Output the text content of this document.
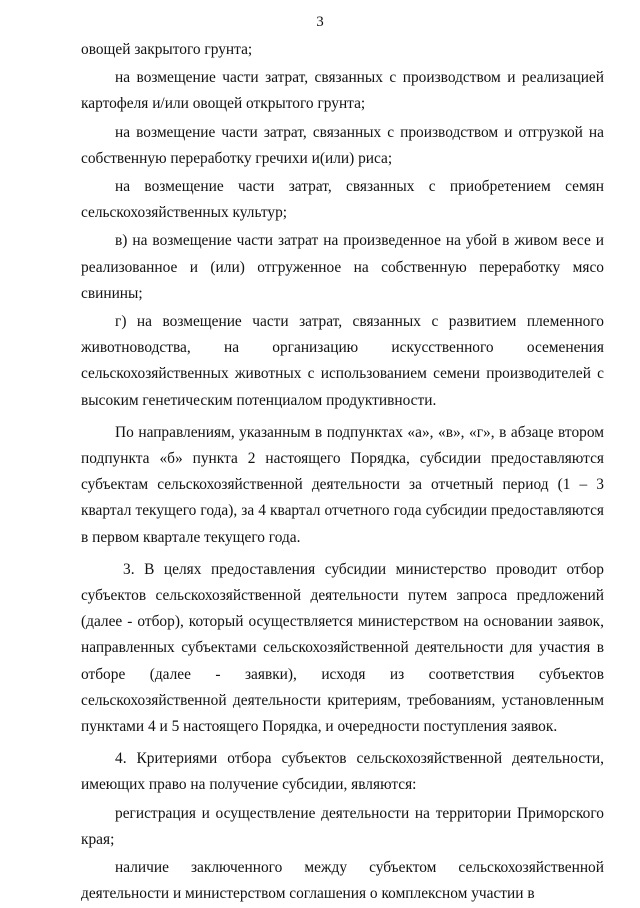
3

овощей закрытого грунта;

на возмещение части затрат, связанных с производством и реализацией картофеля и/или овощей открытого грунта;

на возмещение части затрат, связанных с производством и отгрузкой на собственную переработку гречихи и(или) риса;

на возмещение части затрат, связанных с приобретением семян сельскохозяйственных культур;

в) на возмещение части затрат на произведенное на убой в живом весе и реализованное и (или) отгруженное на собственную переработку мясо свинины;

г) на возмещение части затрат, связанных с развитием племенного животноводства, на организацию искусственного осеменения сельскохозяйственных животных с использованием семени производителей с высоким генетическим потенциалом продуктивности.

По направлениям, указанным в подпунктах «а», «в», «г», в абзаце втором подпункта «б» пункта 2 настоящего Порядка, субсидии предоставляются субъектам сельскохозяйственной деятельности за отчетный период (1 – 3 квартал текущего года), за 4 квартал отчетного года субсидии предоставляются в первом квартале текущего года.

3. В целях предоставления субсидии министерство проводит отбор субъектов сельскохозяйственной деятельности путем запроса предложений (далее - отбор), который осуществляется министерством на основании заявок, направленных субъектами сельскохозяйственной деятельности для участия в отборе (далее - заявки), исходя из соответствия субъектов сельскохозяйственной деятельности критериям, требованиям, установленным пунктами 4 и 5 настоящего Порядка, и очередности поступления заявок.

4. Критериями отбора субъектов сельскохозяйственной деятельности, имеющих право на получение субсидии, являются:

регистрация и осуществление деятельности на территории Приморского края;

наличие заключенного между субъектом сельскохозяйственной деятельности и министерством соглашения о комплексном участии в
